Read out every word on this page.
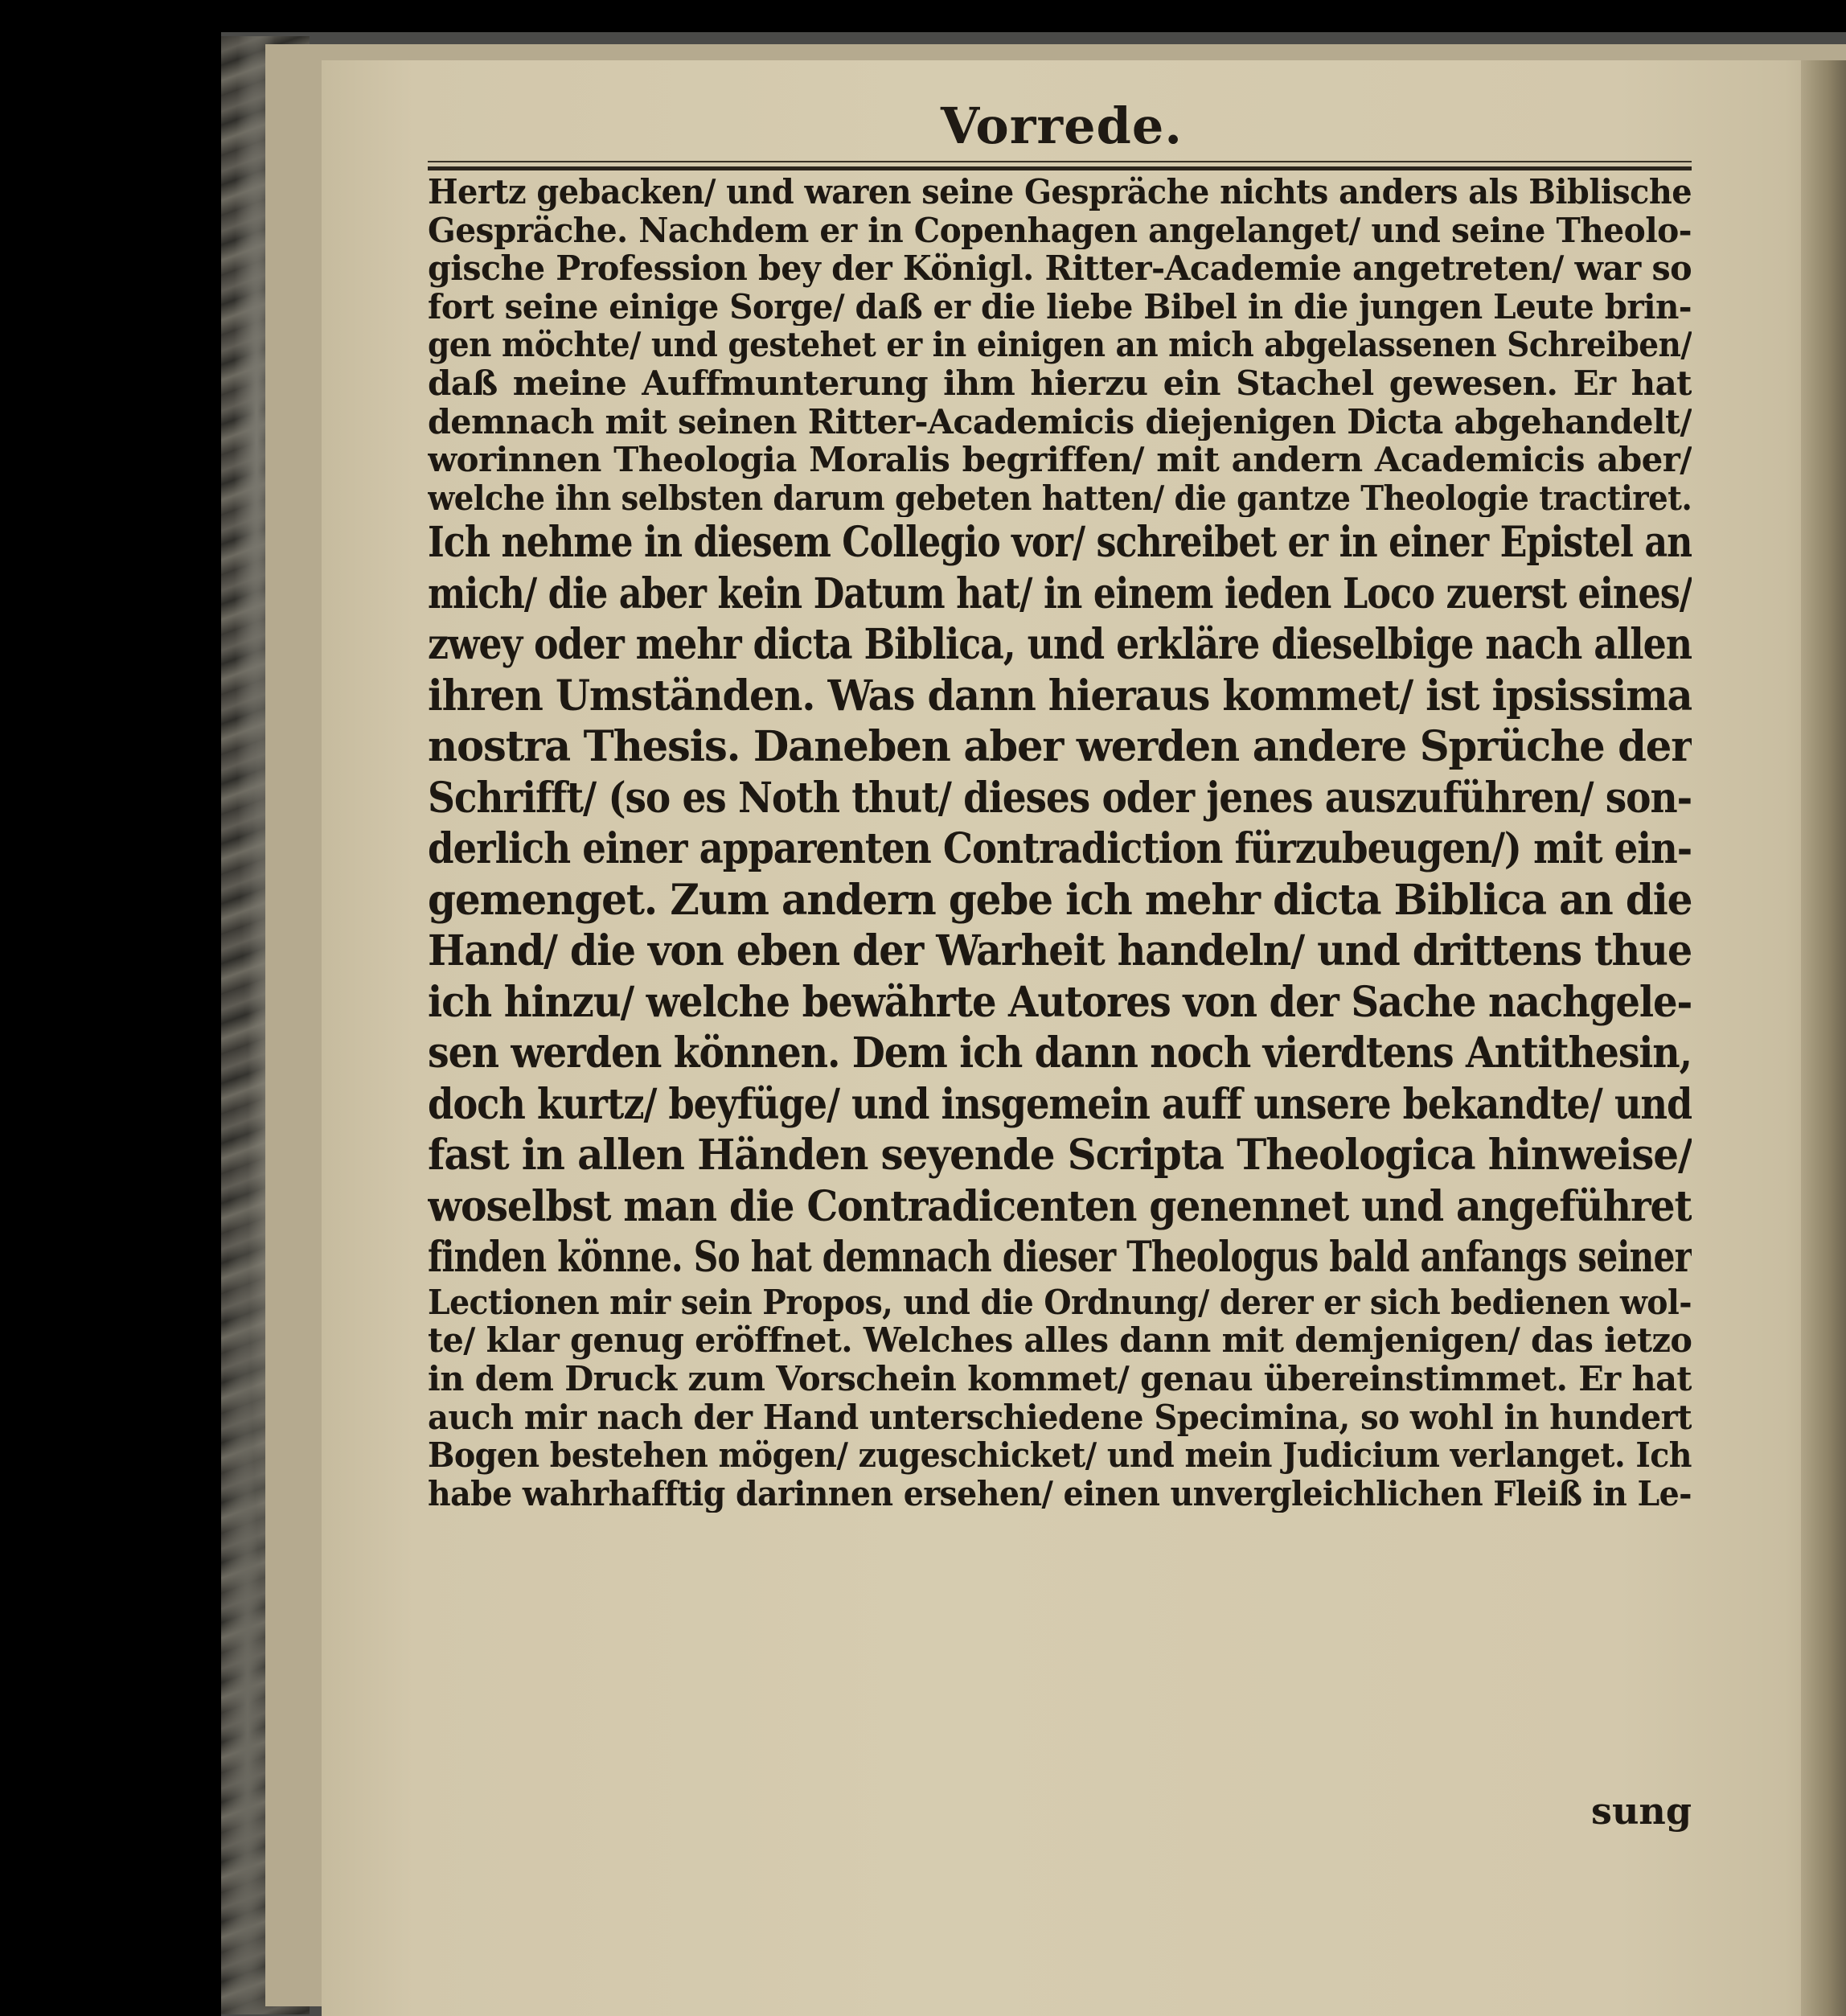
Vorrede.
Hertz gebacken/ und waren seine Gespräche nichts anders als Biblische
Gespräche. Nachdem er in Copenhagen angelanget/ und seine Theolo-
gische Profession bey der Königl. Ritter-Academie angetreten/ war so
fort seine einige Sorge/ daß er die liebe Bibel in die jungen Leute brin-
gen möchte/ und gestehet er in einigen an mich abgelassenen Schreiben/
daß meine Auffmunterung ihm hierzu ein Stachel gewesen. Er hat
demnach mit seinen Ritter-Academicis diejenigen Dicta abgehandelt/
worinnen Theologia Moralis begriffen/ mit andern Academicis aber/
welche ihn selbsten darum gebeten hatten/ die gantze Theologie tractiret.
Ich nehme in diesem Collegio vor/ schreibet er in einer Epistel an
mich/ die aber kein Datum hat/ in einem ieden Loco zuerst eines/
zwey oder mehr dicta Biblica, und erkläre dieselbige nach allen
ihren Umständen. Was dann hieraus kommet/ ist ipsissima
nostra Thesis. Daneben aber werden andere Sprüche der
Schrifft/ (so es Noth thut/ dieses oder jenes auszuführen/ son-
derlich einer apparenten Contradiction fürzubeugen/) mit ein-
gemenget. Zum andern gebe ich mehr dicta Biblica an die
Hand/ die von eben der Warheit handeln/ und drittens thue
ich hinzu/ welche bewährte Autores von der Sache nachgele-
sen werden können. Dem ich dann noch vierdtens Antithesin,
doch kurtz/ beyfüge/ und insgemein auff unsere bekandte/ und
fast in allen Händen seyende Scripta Theologica hinweise/
woselbst man die Contradicenten genennet und angeführet
finden könne. So hat demnach dieser Theologus bald anfangs seiner
Lectionen mir sein Propos, und die Ordnung/ derer er sich bedienen wol-
te/ klar genug eröffnet. Welches alles dann mit demjenigen/ das ietzo
in dem Druck zum Vorschein kommet/ genau übereinstimmet. Er hat
auch mir nach der Hand unterschiedene Specimina, so wohl in hundert
Bogen bestehen mögen/ zugeschicket/ und mein Judicium verlanget. Ich
habe wahrhafftig darinnen ersehen/ einen unvergleichlichen Fleiß in Le-
sung
